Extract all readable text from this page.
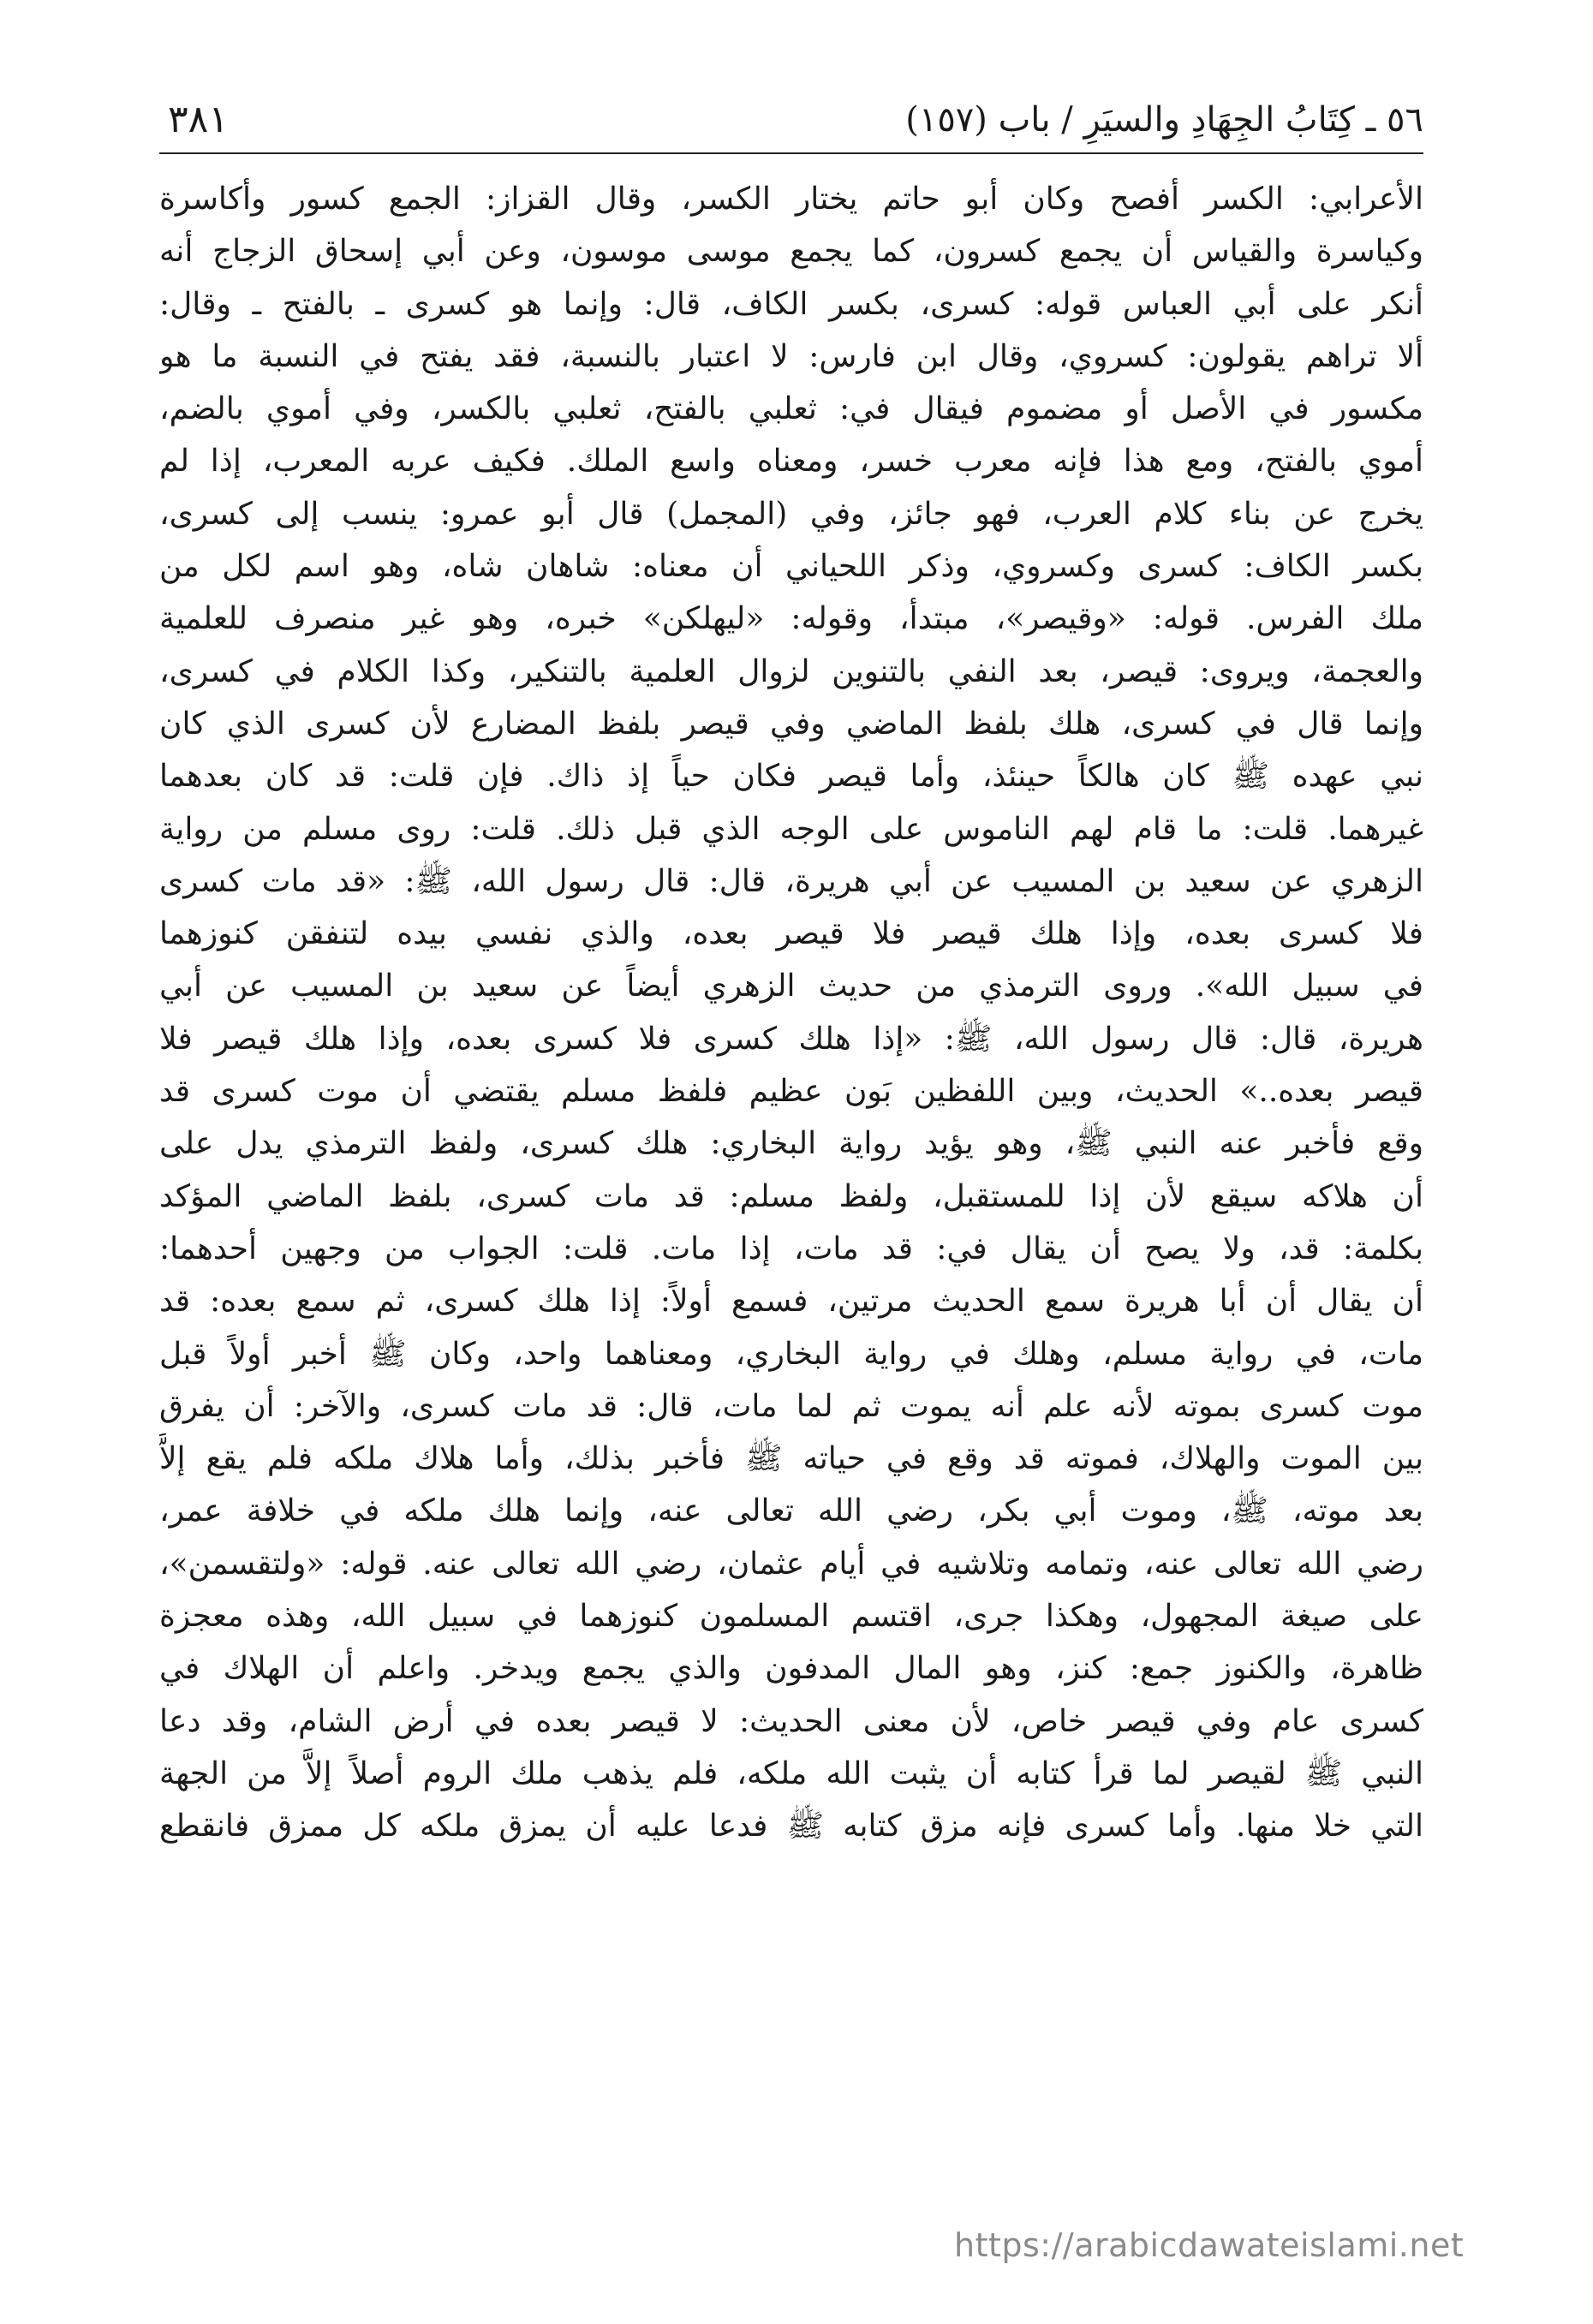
٥٦ ـ كِتَابُ الجِهَادِ والسيَرِ / باب (١٥٧)
٣٨١
الأعرابي: الكسر أفصح وكان أبو حاتم يختار الكسر، وقال القزاز: الجمع كسور وأكاسرة
وكياسرة والقياس أن يجمع كسرون، كما يجمع موسى موسون، وعن أبي إسحاق الزجاج أنه
أنكر على أبي العباس قوله: كسرى، بكسر الكاف، قال: وإنما هو كسرى ـ بالفتح ـ وقال:
ألا تراهم يقولون: كسروي، وقال ابن فارس: لا اعتبار بالنسبة، فقد يفتح في النسبة ما هو
مكسور في الأصل أو مضموم فيقال في: ثعلبي بالفتح، ثعلبي بالكسر، وفي أموي بالضم،
أموي بالفتح، ومع هذا فإنه معرب خسر، ومعناه واسع الملك. فكيف عربه المعرب، إذا لم
يخرج عن بناء كلام العرب، فهو جائز، وفي (المجمل) قال أبو عمرو: ينسب إلى كسرى،
بكسر الكاف: كسرى وكسروي، وذكر اللحياني أن معناه: شاهان شاه، وهو اسم لكل من
ملك الفرس. قوله: «وقيصر»، مبتدأ، وقوله: «ليهلكن» خبره، وهو غير منصرف للعلمية
والعجمة، ويروى: قيصر، بعد النفي بالتنوين لزوال العلمية بالتنكير، وكذا الكلام في كسرى،
وإنما قال في كسرى، هلك بلفظ الماضي وفي قيصر بلفظ المضارع لأن كسرى الذي كان
نبي عهده ﷺ كان هالكاً حينئذ، وأما قيصر فكان حياً إذ ذاك. فإن قلت: قد كان بعدهما
غيرهما. قلت: ما قام لهم الناموس على الوجه الذي قبل ذلك. قلت: روى مسلم من رواية
الزهري عن سعيد بن المسيب عن أبي هريرة، قال: قال رسول الله، ﷺ: «قد مات كسرى
فلا كسرى بعده، وإذا هلك قيصر فلا قيصر بعده، والذي نفسي بيده لتنفقن كنوزهما
في سبيل الله». وروى الترمذي من حديث الزهري أيضاً عن سعيد بن المسيب عن أبي
هريرة، قال: قال رسول الله، ﷺ: «إذا هلك كسرى فلا كسرى بعده، وإذا هلك قيصر فلا
قيصر بعده..» الحديث، وبين اللفظين بَون عظيم فلفظ مسلم يقتضي أن موت كسرى قد
وقع فأخبر عنه النبي ﷺ، وهو يؤيد رواية البخاري: هلك كسرى، ولفظ الترمذي يدل على
أن هلاكه سيقع لأن إذا للمستقبل، ولفظ مسلم: قد مات كسرى، بلفظ الماضي المؤكد
بكلمة: قد، ولا يصح أن يقال في: قد مات، إذا مات. قلت: الجواب من وجهين أحدهما:
أن يقال أن أبا هريرة سمع الحديث مرتين، فسمع أولاً: إذا هلك كسرى، ثم سمع بعده: قد
مات، في رواية مسلم، وهلك في رواية البخاري، ومعناهما واحد، وكان ﷺ أخبر أولاً قبل
موت كسرى بموته لأنه علم أنه يموت ثم لما مات، قال: قد مات كسرى، والآخر: أن يفرق
بين الموت والهلاك، فموته قد وقع في حياته ﷺ فأخبر بذلك، وأما هلاك ملكه فلم يقع إلاَّ
بعد موته، ﷺ، وموت أبي بكر، رضي الله تعالى عنه، وإنما هلك ملكه في خلافة عمر،
رضي الله تعالى عنه، وتمامه وتلاشيه في أيام عثمان، رضي الله تعالى عنه. قوله: «ولتقسمن»،
على صيغة المجهول، وهكذا جرى، اقتسم المسلمون كنوزهما في سبيل الله، وهذه معجزة
ظاهرة، والكنوز جمع: كنز، وهو المال المدفون والذي يجمع ويدخر. واعلم أن الهلاك في
كسرى عام وفي قيصر خاص، لأن معنى الحديث: لا قيصر بعده في أرض الشام، وقد دعا
النبي ﷺ لقيصر لما قرأ كتابه أن يثبت الله ملكه، فلم يذهب ملك الروم أصلاً إلاَّ من الجهة
التي خلا منها. وأما كسرى فإنه مزق كتابه ﷺ فدعا عليه أن يمزق ملكه كل ممزق فانقطع
https://arabicdawateislami.net
